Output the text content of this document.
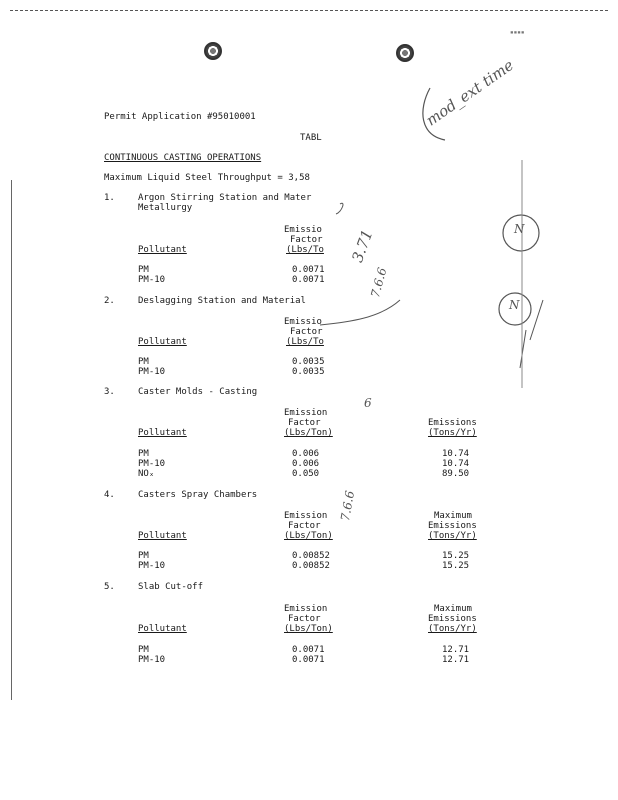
▪▪▪▪
Permit Application #95010001
TABL
CONTINUOUS CASTING OPERATIONS
Maximum Liquid Steel Throughput = 3,58
1.	Argon Stirring Station and Mater
Metallurgy
Emissio
Factor
(Lbs/To
Pollutant
PM	0.0071
PM-10	0.0071
2.	Deslagging Station and Material
Emissio
Factor
(Lbs/To
Pollutant
PM	0.0035
PM-10	0.0035
3.	Caster Molds - Casting
Emission
Factor
(Lbs/Ton)
Emissions
(Tons/Yr)
Pollutant
PM	0.006	10.74
PM-10	0.006	10.74
NOₓ	0.050	89.50
4.	Casters Spray Chambers
Emission
Factor
(Lbs/Ton)
Maximum
Emissions
(Tons/Yr)
Pollutant
PM	0.00852	15.25
PM-10	0.00852	15.25
5.	Slab Cut-off
Emission
Factor
(Lbs/Ton)
Maximum
Emissions
(Tons/Yr)
Pollutant
PM	0.0071	12.71
PM-10	0.0071	12.71
mod_ext time
N
N
3.71
7.6.6
6
7.6.6
